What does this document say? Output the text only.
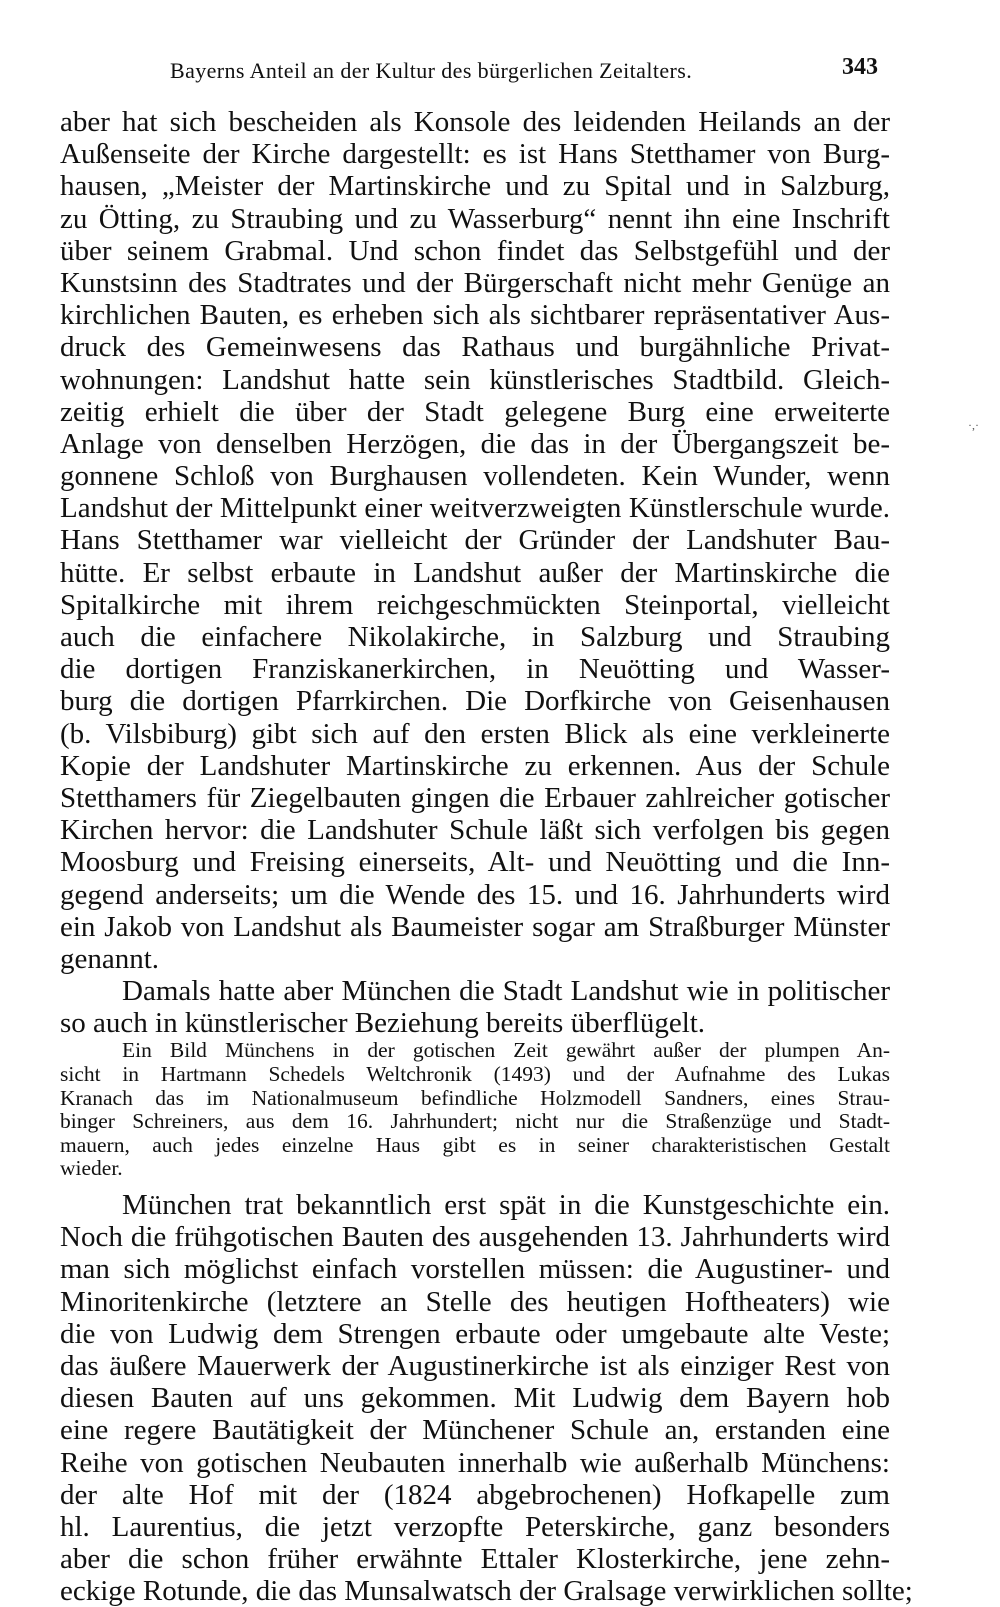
Bayerns Anteil an der Kultur des bürgerlichen Zeitalters.	343
·,·
aber hat sich bescheiden als Konsole des leidenden Heilands an der
Außenseite der Kirche dargestellt: es ist Hans Stetthamer von Burg-
hausen, „Meister der Martinskirche und zu Spital und in Salzburg,
zu Ötting, zu Straubing und zu Wasserburg“ nennt ihn eine Inschrift
über seinem Grabmal. Und schon findet das Selbstgefühl und der
Kunstsinn des Stadtrates und der Bürgerschaft nicht mehr Genüge an
kirchlichen Bauten, es erheben sich als sichtbarer repräsentativer Aus-
druck des Gemeinwesens das Rathaus und burgähnliche Privat-
wohnungen: Landshut hatte sein künstlerisches Stadtbild. Gleich-
zeitig erhielt die über der Stadt gelegene Burg eine erweiterte
Anlage von denselben Herzögen, die das in der Übergangszeit be-
gonnene Schloß von Burghausen vollendeten. Kein Wunder, wenn
Landshut der Mittelpunkt einer weitverzweigten Künstlerschule wurde.
Hans Stetthamer war vielleicht der Gründer der Landshuter Bau-
hütte. Er selbst erbaute in Landshut außer der Martinskirche die
Spitalkirche mit ihrem reichgeschmückten Steinportal, vielleicht
auch die einfachere Nikolakirche, in Salzburg und Straubing
die dortigen Franziskanerkirchen, in Neuötting und Wasser-
burg die dortigen Pfarrkirchen. Die Dorfkirche von Geisenhausen
(b. Vilsbiburg) gibt sich auf den ersten Blick als eine verkleinerte
Kopie der Landshuter Martinskirche zu erkennen. Aus der Schule
Stetthamers für Ziegelbauten gingen die Erbauer zahlreicher gotischer
Kirchen hervor: die Landshuter Schule läßt sich verfolgen bis gegen
Moosburg und Freising einerseits, Alt- und Neuötting und die Inn-
gegend anderseits; um die Wende des 15. und 16. Jahrhunderts wird
ein Jakob von Landshut als Baumeister sogar am Straßburger Münster
genannt.
Damals hatte aber München die Stadt Landshut wie in politischer
so auch in künstlerischer Beziehung bereits überflügelt.
Ein Bild Münchens in der gotischen Zeit gewährt außer der plumpen An-
sicht in Hartmann Schedels Weltchronik (1493) und der Aufnahme des Lukas
Kranach das im Nationalmuseum befindliche Holzmodell Sandners, eines Strau-
binger Schreiners, aus dem 16. Jahrhundert; nicht nur die Straßenzüge und Stadt-
mauern, auch jedes einzelne Haus gibt es in seiner charakteristischen Gestalt
wieder.
München trat bekanntlich erst spät in die Kunstgeschichte ein.
Noch die frühgotischen Bauten des ausgehenden 13. Jahrhunderts wird
man sich möglichst einfach vorstellen müssen: die Augustiner- und
Minoritenkirche (letztere an Stelle des heutigen Hoftheaters) wie
die von Ludwig dem Strengen erbaute oder umgebaute alte Veste;
das äußere Mauerwerk der Augustinerkirche ist als einziger Rest von
diesen Bauten auf uns gekommen. Mit Ludwig dem Bayern hob
eine regere Bautätigkeit der Münchener Schule an, erstanden eine
Reihe von gotischen Neubauten innerhalb wie außerhalb Münchens:
der alte Hof mit der (1824 abgebrochenen) Hofkapelle zum
hl. Laurentius, die jetzt verzopfte Peterskirche, ganz besonders
aber die schon früher erwähnte Ettaler Klosterkirche, jene zehn-
eckige Rotunde, die das Munsalwatsch der Gralsage verwirklichen sollte;
